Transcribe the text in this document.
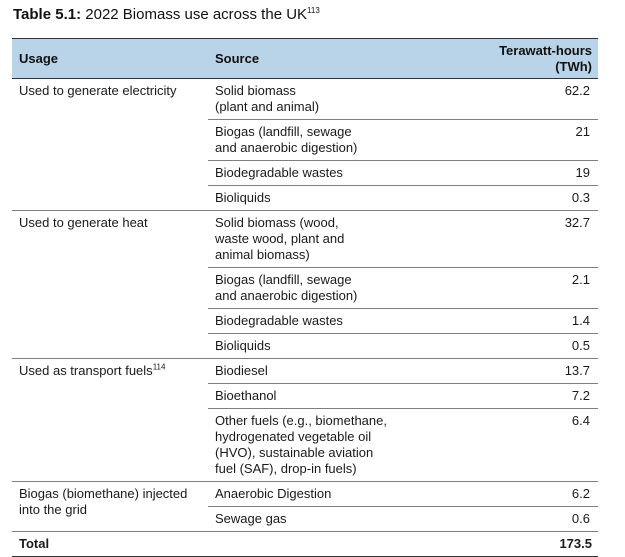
Table 5.1: 2022 Biomass use across the UK$^{113}$
Usage	Source	Terawatt-hours (TWh)
Used to generate electricity	Solid biomass
(plant and animal)	62.2
	Biogas (landfill, sewage
and anaerobic digestion)	21
	Biodegradable wastes	19
	Bioliquids	0.3
Used to generate heat	Solid biomass (wood,
waste wood, plant and
animal biomass)	32.7
	Biogas (landfill, sewage
and anaerobic digestion)	2.1
	Biodegradable wastes	1.4
	Bioliquids	0.5
Used as transport fuels$^{114}$	Biodiesel	13.7
	Bioethanol	7.2
	Other fuels (e.g., biomethane,
hydrogenated vegetable oil
(HVO), sustainable aviation
fuel (SAF), drop-in fuels)	6.4
Biogas (biomethane) injected
into the grid	Anaerobic Digestion	6.2
	Sewage gas	0.6
Total		173.5
